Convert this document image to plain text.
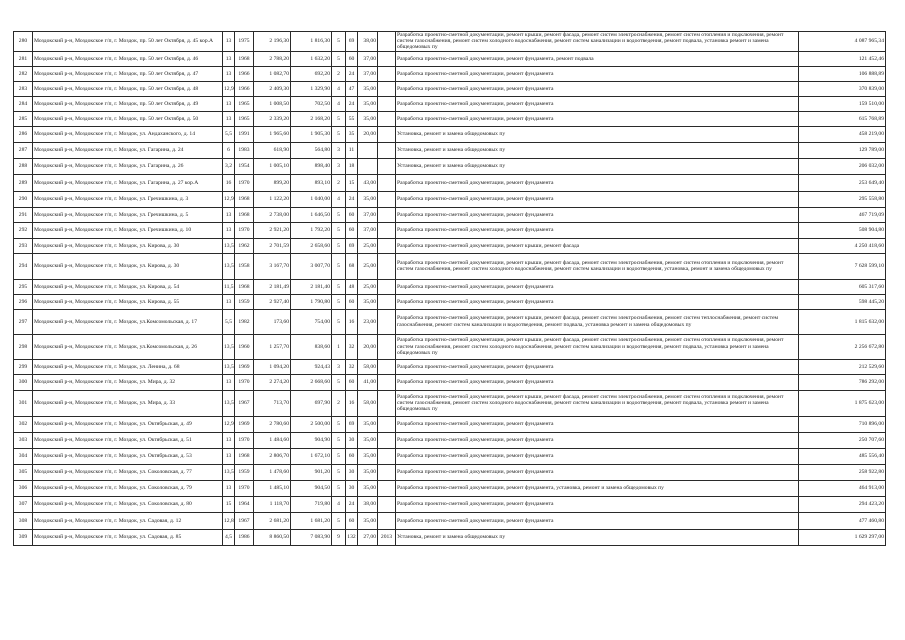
280	Моздокский р-н, Моздокское г/п, г. Моздок, пр. 50 лет Октября, д. 45 кор.А	13	1975	2 196,30	1 816,30	5	69	38,00		Разработка проектно-сметной документации, ремонт крыши, ремонт фасада, ремонт систем электроснабжения, ремонт систем отопления и подключения, ремонт систем газоснабжения, ремонт систем холодного водоснабжения, ремонт систем канализации и водоотведения, ремонт подвала, установка ремонт и замена общедомовых пу	4 087 965,34
281	Моздокский р-н, Моздокское г/п, г. Моздок, пр. 50 лет Октября, д. 46	13	1968	2 788,20	1 632,20	5	60	37,00		Разработка проектно-сметной документации, ремонт фундамента, ремонт подвала	121 452,46
282	Моздокский р-н, Моздокское г/п, г. Моздок, пр. 50 лет Октября, д. 47	13	1966	1 082,70	692,20	2	24	37,00		Разработка проектно-сметной документации, ремонт фундамента	106 888,89
283	Моздокский р-н, Моздокское г/п, г. Моздок, пр. 50 лет Октября, д. 48	12,9	1966	2 409,30	1 329,90	4	47	35,00		Разработка проектно-сметной документации, ремонт фундамента	370 839,00
284	Моздокский р-н, Моздокское г/п, г. Моздок, пр. 50 лет Октября, д. 49	13	1965	1 008,50	702,50	4	24	35,00		Разработка проектно-сметной документации, ремонт фундамента	159 510,00
285	Моздокский р-н, Моздокское г/п, г. Моздок, пр. 50 лет Октября, д. 50	13	1965	2 339,20	2 168,20	5	55	35,00		Разработка проектно-сметной документации, ремонт фундамента	615 768,89
286	Моздокский р-н, Моздокское г/п, г. Моздок, ул. Андаханского, д. 14	5,5	1991	1 965,60	1 905,30	5	35	20,00		Установка, ремонт и замена общедомовых пу	458 219,00
287	Моздокский р-н, Моздокское г/п, г. Моздок, ул. Гагарина, д. 24	6	1983	618,90	564,80	3	11			Установка, ремонт и замена общедомовых пу	129 789,00
288	Моздокский р-н, Моздокское г/п, г. Моздок, ул. Гагарина, д. 26	3,2	1954	1 005,10	898,40	3	18			Установка, ремонт и замена общедомовых пу	206 032,00
289	Моздокский р-н, Моздокское г/п, г. Моздок, ул. Гагарина, д. 27 кор.А	16	1970	899,20	893,10	2	15	43,00		Разработка проектно-сметной документации, ремонт фундамента	253 649,40
290	Моздокский р-н, Моздокское г/п, г. Моздок, ул. Гречишкина, д. 3	12,9	1968	1 122,20	1 040,00	4	24	35,00		Разработка проектно-сметной документации, ремонт фундамента	295 558,80
291	Моздокский р-н, Моздокское г/п, г. Моздок, ул. Гречишкина, д. 5	13	1968	2 738,00	1 646,50	5	60	37,00		Разработка проектно-сметной документации, ремонт фундамента	467 719,09
292	Моздокский р-н, Моздокское г/п, г. Моздок, ул. Гречишкина, д. 10	13	1970	2 921,20	1 792,20	5	60	37,00		Разработка проектно-сметной документации, ремонт фундамента	508 904,80
293	Моздокский р-н, Моздокское г/п, г. Моздок, ул. Кирова, д. 30	13,5	1962	2 701,59	2 658,60	5	69	25,00		Разработка проектно-сметной документации, ремонт крыши, ремонт фасада	4 250 418,60
294	Моздокский р-н, Моздокское г/п, г. Моздок, ул. Кирова, д. 30	13,5	1958	3 167,70	3 007,70	5	68	25,00		Разработка проектно-сметной документации, ремонт крыши, ремонт фасада, ремонт систем электроснабжения, ремонт систем отопления и подключения, ремонт систем газоснабжения, ремонт систем холодного водоснабжения, ремонт систем канализации и водоотведения, установка, ремонт и замена общедомовых пу	7 628 599,10
295	Моздокский р-н, Моздокское г/п, г. Моздок, ул. Кирова, д. 54	11,5	1968	2 181,49	2 181,40	5	48	25,00		Разработка проектно-сметной документации, ремонт фундамента	605 317,60
296	Моздокский р-н, Моздокское г/п, г. Моздок, ул. Кирова, д. 55	13	1959	2 927,40	1 790,80	5	60	35,00		Разработка проектно-сметной документации, ремонт фундамента	598 445,20
297	Моздокский р-н, Моздокское г/п, г. Моздок, ул.Комсомольская, д. 17	5,5	1982	173,60	754,00	5	16	23,00		Разработка проектно-сметной документации, ремонт крыши, ремонт фасада, ремонт систем электроснабжения, ремонт систем теплоснабжения, ремонт систем газоснабжения, ремонт систем канализации и водоотведения, ремонт подвала, установка ремонт и замена общедомовых пу	1 815 632,00
298	Моздокский р-н, Моздокское г/п, г. Моздок, ул.Комсомольская, д. 26	13,5	1960	1 257,70	838,60	1	32	20,00		Разработка проектно-сметной документации, ремонт крыши, ремонт фасада, ремонт систем электроснабжения, ремонт систем отопления и подключения, ремонт систем газоснабжения, ремонт систем холодного водоснабжения, ремонт систем канализации и водоотведения, ремонт подвала, установка ремонт и замена общедомовых пу	2 256 672,80
299	Моздокский р-н, Моздокское г/п, г. Моздок, ул. Ленина, д. 68	13,5	1969	1 094,20	924,43	3	32	58,00		Разработка проектно-сметной документации, ремонт фундамента	212 529,60
300	Моздокский р-н, Моздокское г/п, г. Моздок, ул. Мира, д. 32	13	1970	2 274,20	2 668,60	5	60	41,00		Разработка проектно-сметной документации, ремонт фундамента	786 292,00
301	Моздокский р-н, Моздокское г/п, г. Моздок, ул. Мира, д. 33	13,5	1967	713,70	697,90	2	16	58,00		Разработка проектно-сметной документации, ремонт крыши, ремонт фасада, ремонт систем электроснабжения, ремонт систем отопления и подключения, ремонт систем газоснабжения, ремонт систем холодного водоснабжения, ремонт систем канализации и водоотведения, ремонт подвала, установка ремонт и замена общедомовых пу	1 875 623,00
302	Моздокский р-н, Моздокское г/п, г. Моздок, ул. Октябрьская, д. 49	12,9	1969	2 780,60	2 500,00	5	69	35,00		Разработка проектно-сметной документации, ремонт фундамента	710 896,00
303	Моздокский р-н, Моздокское г/п, г. Моздок, ул. Октябрьская, д. 51	13	1970	1 484,60	904,90	5	30	35,00		Разработка проектно-сметной документации, ремонт фундамента	250 707,60
304	Моздокский р-н, Моздокское г/п, г. Моздок, ул. Октябрьская, д. 53	13	1968	2 806,70	1 672,10	5	60	35,00		Разработка проектно-сметной документации, ремонт фундамента	485 556,40
305	Моздокский р-н, Моздокское г/п, г. Моздок, ул. Соколовская, д. 77	13,5	1959	1 478,60	901,20	5	30	35,00		Разработка проектно-сметной документации, ремонт фундамента	258 922,80
306	Моздокский р-н, Моздокское г/п, г. Моздок, ул. Соколовская, д. 79	13	1970	1 485,10	904,50	5	30	35,00		Разработка проектно-сметной документации, ремонт фундамента, установка, ремонт и замена общедомовых пу	464 913,00
307	Моздокский р-н, Моздокское г/п, г. Моздок, ул. Соколовская, д. 80	15	1964	1 118,70	719,80	4	24	38,00		Разработка проектно-сметной документации, ремонт фундамента	294 423,20
308	Моздокский р-н, Моздокское г/п, г. Моздок, ул. Садовая, д. 12	12,8	1967	2 681,20	1 681,20	5	60	35,00		Разработка проектно-сметной документации, ремонт фундамента	477 460,80
309	Моздокский р-н, Моздокское г/п, г. Моздок, ул. Садовая, д. 85	4,5	1986	8 860,50	7 083,90	9	132	27,00	2013	Установка, ремонт и замена общедомовых пу	1 629 297,00
